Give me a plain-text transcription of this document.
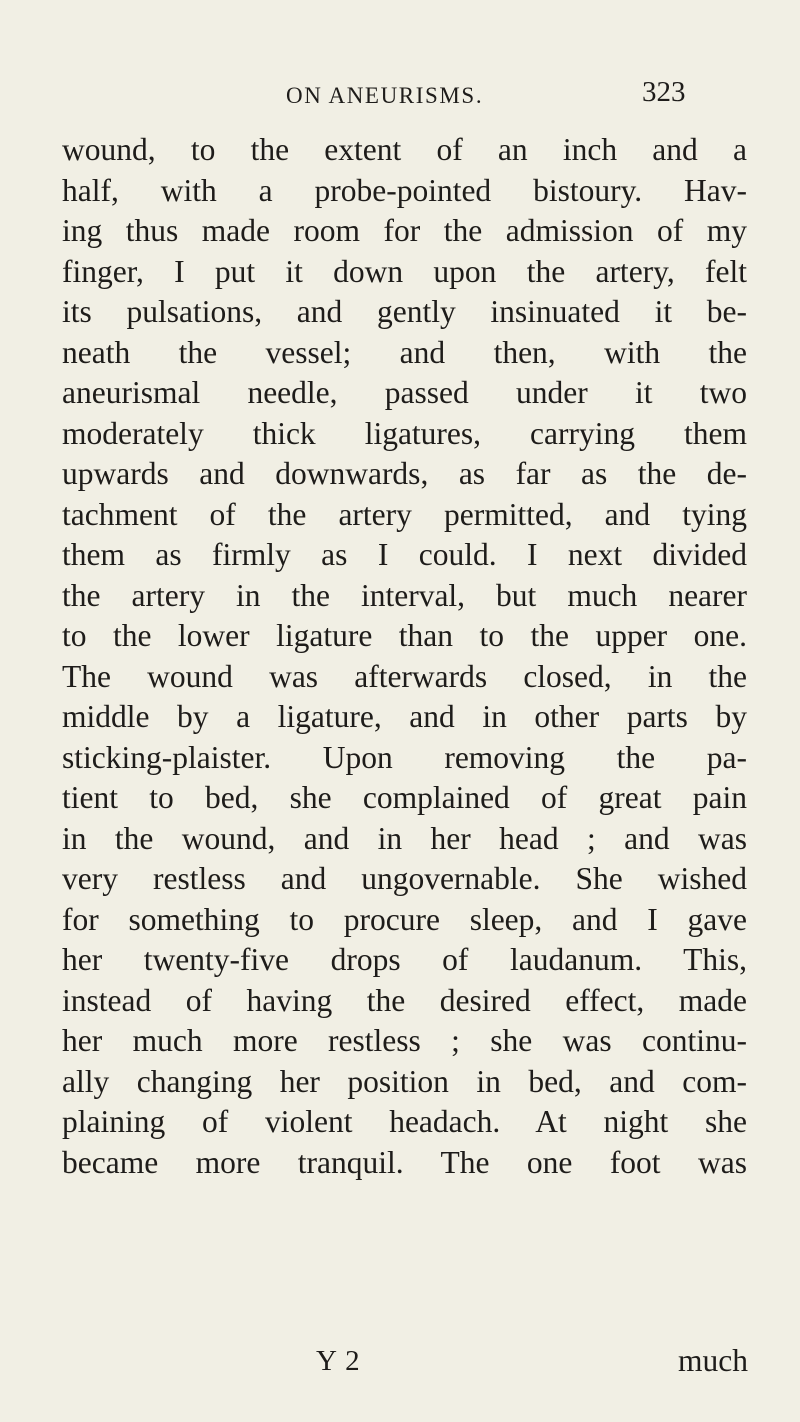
ON ANEURISMS.	323
wound, to the extent of an inch and a
half, with a probe-pointed bistoury. Hav-
ing thus made room for the admission of my
finger, I put it down upon the artery, felt
its pulsations, and gently insinuated it be-
neath the vessel; and then, with the
aneurismal needle, passed under it two
moderately thick ligatures, carrying them
upwards and downwards, as far as the de-
tachment of the artery permitted, and tying
them as firmly as I could. I next divided
the artery in the interval, but much nearer
to the lower ligature than to the upper one.
The wound was afterwards closed, in the
middle by a ligature, and in other parts by
sticking-plaister. Upon removing the pa-
tient to bed, she complained of great pain
in the wound, and in her head ; and was
very restless and ungovernable. She wished
for something to procure sleep, and I gave
her twenty-five drops of laudanum. This,
instead of having the desired effect, made
her much more restless ; she was continu-
ally changing her position in bed, and com-
plaining of violent headach. At night she
became more tranquil. The one foot was
Y 2	much
